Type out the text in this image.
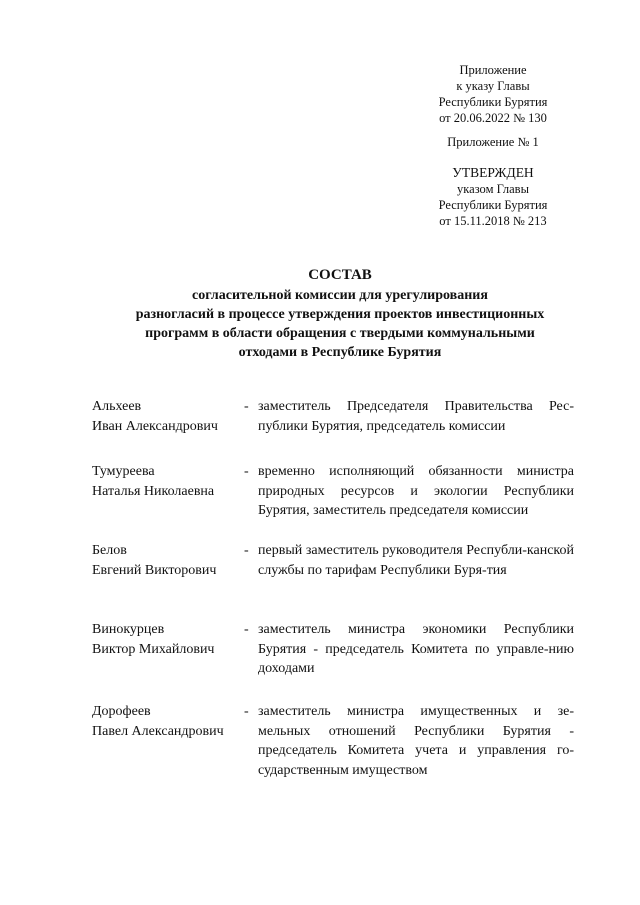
Приложение
к указу Главы
Республики Бурятия
от 20.06.2022 № 130
Приложение № 1
УТВЕРЖДЕН
указом Главы
Республики Бурятия
от 15.11.2018 № 213
СОСТАВ
согласительной комиссии для урегулирования
разногласий в процессе утверждения проектов инвестиционных
программ в области обращения с твердыми коммунальными
отходами в Республике Бурятия
Альхеев
Иван Александрович
- заместитель Председателя Правительства Рес-публики Бурятия, председатель комиссии
Тумуреева
Наталья Николаевна
- временно исполняющий обязанности министра природных ресурсов и экологии Республики Бурятия, заместитель председателя комиссии
Белов
Евгений Викторович
- первый заместитель руководителя Республи-канской службы по тарифам Республики Буря-тия
Винокурцев
Виктор Михайлович
- заместитель министра экономики Республики Бурятия - председатель Комитета по управле-нию доходами
Дорофеев
Павел Александрович
- заместитель министра имущественных и зе-мельных отношений Республики Бурятия - председатель Комитета учета и управления го-сударственным имуществом
